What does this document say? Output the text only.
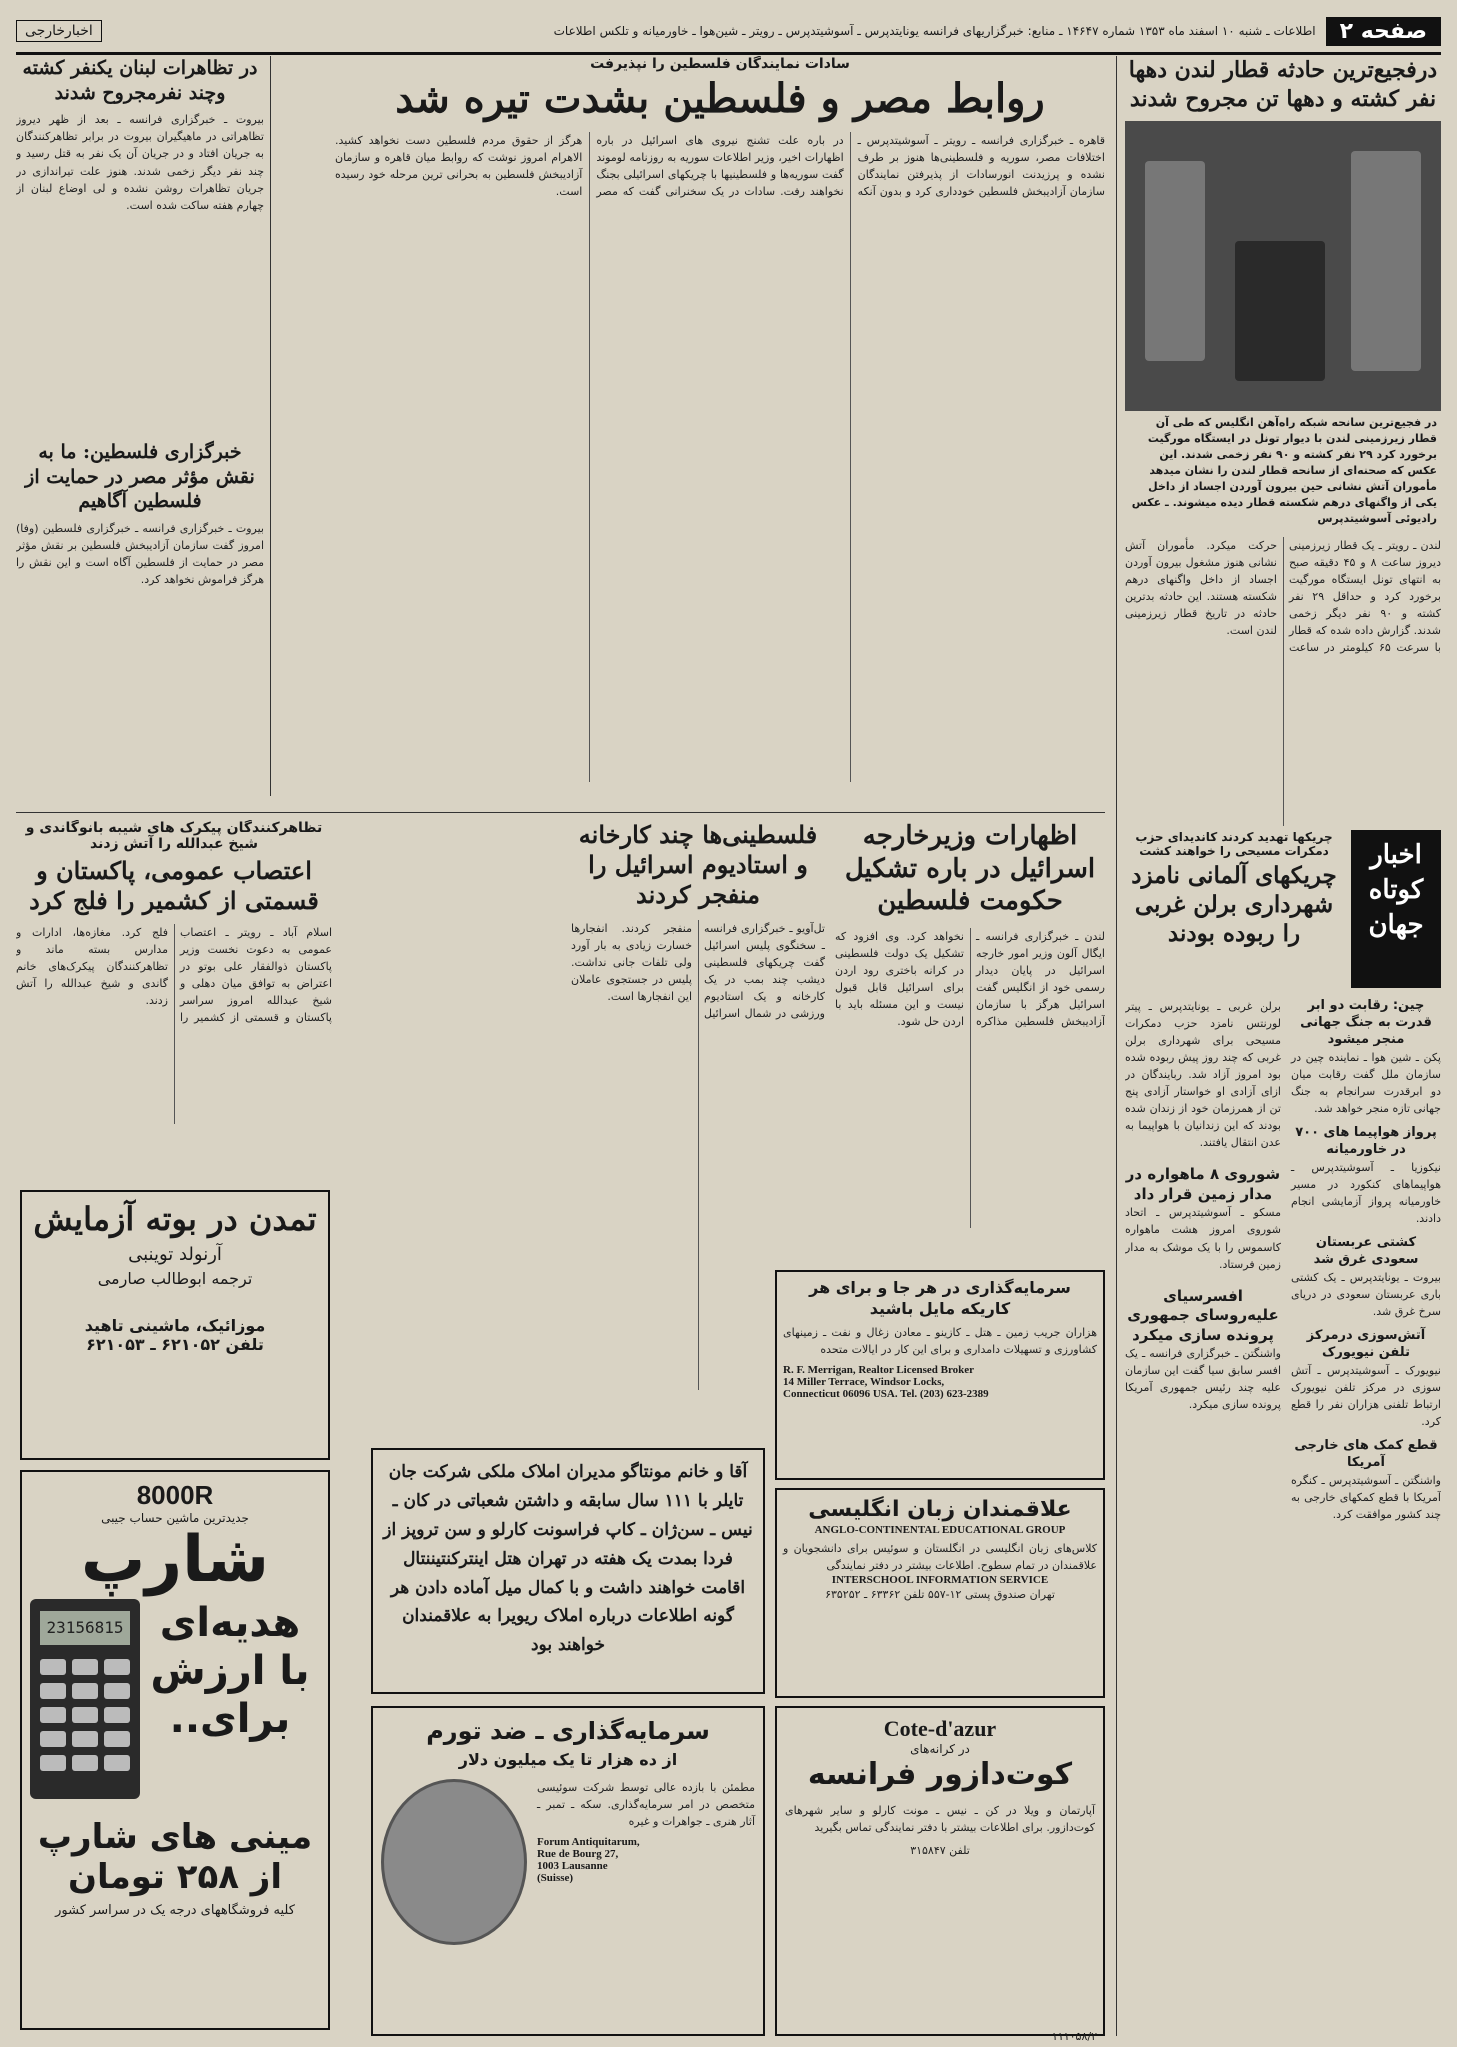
صفحه ۲
اطلاعات ـ شنبه ۱۰ اسفند ماه ۱۳۵۳ شماره ۱۴۶۴۷ ـ منابع: خبرگزاریهای فرانسه یونایتدپرس ـ آسوشیتدپرس ـ رویتر ـ شین‌هوا ـ خاورمیانه و تلکس اطلاعات
اخبارخارجی
درفجیع‌ترین حادثه قطار لندن دهها نفر کشته و دهها تن مجروح شدند
در فجیع‌ترین سانحه شبکه راه‌آهن انگلیس که طی آن قطار زیرزمینی لندن با دیوار تونل در ایستگاه مورگیت برخورد کرد ۲۹ نفر کشته و ۹۰ نفر زخمی شدند. این عکس که صحنه‌ای از سانحه قطار لندن را نشان میدهد مأموران آتش نشانی حین بیرون آوردن اجساد از داخل یکی از واگنهای درهم شکسته قطار دیده میشوند. ـ عکس رادیوئی آسوشیتدپرس
لندن ـ رویتر ـ یک قطار زیرزمینی دیروز ساعت ۸ و ۴۵ دقیقه صبح به انتهای تونل ایستگاه مورگیت برخورد کرد و حداقل ۲۹ نفر کشته و ۹۰ نفر دیگر زخمی شدند. گزارش داده شده که قطار با سرعت ۶۵ کیلومتر در ساعت حرکت میکرد. مأموران آتش نشانی هنوز مشغول بیرون آوردن اجساد از داخل واگنهای درهم شکسته هستند. این حادثه بدترین حادثه در تاریخ قطار زیرزمینی لندن است.
سادات نمایندگان فلسطین را نپذیرفت
روابط مصر و فلسطین بشدت تیره شد
قاهره ـ خبرگزاری فرانسه ـ رویتر ـ آسوشیتدپرس ـ اختلافات مصر، سوریه و فلسطینی‌ها هنوز بر طرف نشده و پرزیدنت انورسادات از پذیرفتن نمایندگان سازمان آزادیبخش فلسطین خودداری کرد و بدون آنکه در باره علت تشنج نیروی های اسرائیل در باره اظهارات اخیر، وزیر اطلاعات سوریه به روزنامه لوموند گفت سوریه‌ها و فلسطینیها با چریکهای اسرائیلی بجنگ نخواهند رفت. سادات در یک سخنرانی گفت که مصر هرگز از حقوق مردم فلسطین دست نخواهد کشید. الاهرام امروز نوشت که روابط میان قاهره و سازمان آزادیبخش فلسطین به بحرانی ترین مرحله خود رسیده است.
در تظاهرات لبنان یکنفر کشته وچند نفرمجروح شدند
بیروت ـ خبرگزاری فرانسه ـ بعد از ظهر دیروز تظاهراتی در ماهیگیران بیروت در برابر تظاهرکنندگان به جریان افتاد و در جریان آن یک نفر به قتل رسید و چند نفر دیگر زخمی شدند. هنوز علت تیراندازی در جریان تظاهرات روشن نشده و لی اوضاع لبنان از چهارم هفته ساکت شده است.
خبرگزاری فلسطین: ما به نقش مؤثر مصر در حمایت از فلسطین آگاهیم
بیروت ـ خبرگزاری فرانسه ـ خبرگزاری فلسطین (وفا) امروز گفت سازمان آزادیبخش فلسطین بر نقش مؤثر مصر در حمایت از فلسطین آگاه است و این نقش را هرگز فراموش نخواهد کرد.
اظهارات وزیرخارجه اسرائیل در باره تشکیل حکومت فلسطین
لندن ـ خبرگزاری فرانسه ـ ایگال آلون وزیر امور خارجه اسرائیل در پایان دیدار رسمی خود از انگلیس گفت اسرائیل هرگز با سازمان آزادیبخش فلسطین مذاکره نخواهد کرد. وی افزود که تشکیل یک دولت فلسطینی در کرانه باختری رود اردن برای اسرائیل قابل قبول نیست و این مسئله باید با اردن حل شود.
فلسطینی‌ها چند کارخانه و استادیوم اسرائیل را منفجر کردند
تل‌آویو ـ خبرگزاری فرانسه ـ سخنگوی پلیس اسرائیل گفت چریکهای فلسطینی دیشب چند بمب در یک کارخانه و یک استادیوم ورزشی در شمال اسرائیل منفجر کردند. انفجارها خسارت زیادی به بار آورد ولی تلفات جانی نداشت. پلیس در جستجوی عاملان این انفجارها است.
تظاهرکنندگان پیکرک های شیبه بانوگاندی و شیخ عبدالله را آتش زدند
اعتصاب عمومی، پاکستان و قسمتی از کشمیر را فلج کرد
اسلام آباد ـ رویتر ـ اعتصاب عمومی به دعوت نخست وزیر پاکستان ذوالفقار علی بوتو در اعتراض به توافق میان دهلی و شیخ عبدالله امروز سراسر پاکستان و قسمتی از کشمیر را فلج کرد. مغازه‌ها، ادارات و مدارس بسته ماند و تظاهرکنندگان پیکرک‌های خانم گاندی و شیخ عبدالله را آتش زدند.
اخبار کوتاه جهان
چریکها تهدید کردند کاندیدای حزب دمکرات مسیحی را خواهند کشت
چریکهای آلمانی نامزد شهرداری برلن غربی را ربوده بودند
چین: رقابت دو ابر قدرت به جنگ جهانی منجر میشود
پکن ـ شین هوا ـ نماینده چین در سازمان ملل گفت رقابت میان دو ابرقدرت سرانجام به جنگ جهانی تازه منجر خواهد شد.
پرواز هواپیما های ۷۰۰ در خاورمیانه
نیکوزیا ـ آسوشیتدپرس ـ هواپیماهای کنکورد در مسیر خاورمیانه پرواز آزمایشی انجام دادند.
کشتی عربستان سعودی غرق شد
بیروت ـ یونایتدپرس ـ یک کشتی باری عربستان سعودی در دریای سرخ غرق شد.
آتش‌سوزی درمرکز تلفن نیویورک
نیویورک ـ آسوشیتدپرس ـ آتش سوزی در مرکز تلفن نیویورک ارتباط تلفنی هزاران نفر را قطع کرد.
قطع کمک های خارجی آمریکا
واشنگتن ـ آسوشیتدپرس ـ کنگره آمریکا با قطع کمکهای خارجی به چند کشور موافقت کرد.
برلن غربی ـ یونایتدپرس ـ پیتر لورنتس نامزد حزب دمکرات مسیحی برای شهرداری برلن غربی که چند روز پیش ربوده شده بود امروز آزاد شد. ربایندگان در ازای آزادی او خواستار آزادی پنج تن از همرزمان خود از زندان شده بودند که این زندانیان با هواپیما به عدن انتقال یافتند.
شوروی ۸ ماهواره در مدار زمین قرار داد
مسکو ـ آسوشیتدپرس ـ اتحاد شوروی امروز هشت ماهواره کاسموس را با یک موشک به مدار زمین فرستاد.
افسرسیای علیه‌روسای جمهوری پرونده سازی میکرد
واشنگتن ـ خبرگزاری فرانسه ـ یک افسر سابق سیا گفت این سازمان علیه چند رئیس جمهوری آمریکا پرونده سازی میکرد.
تمدن در بوته آزمایش
آرنولد توینبی
ترجمه ابوطالب صارمی
موزائیک، ماشینی تاهید
تلفن ۶۲۱۰۵۲ ـ ۶۲۱۰۵۳
8000R
جدیدترین ماشین حساب جیبی
شارپ
هدیه‌ای با ارزش برای..
23156815
مینی های شارپ از ۲۵۸ تومان
کلیه فروشگاههای درجه یک در سراسر کشور
سرمایه‌گذاری در هر جا و برای هر کاریکه مایل باشید
هزاران جریب زمین ـ هتل ـ کازینو ـ معادن زغال و نفت ـ زمینهای کشاورزی و تسهیلات دامداری و برای این کار در ایالات متحده
R. F. Merrigan, Realtor Licensed Broker
14 Miller Terrace, Windsor Locks,
Connecticut 06096 USA. Tel. (203) 623-2389
علاقمندان زبان انگلیسی
ANGLO-CONTINENTAL EDUCATIONAL GROUP
کلاس‌های زبان انگلیسی در انگلستان و سوئیس برای دانشجویان و علاقمندان در تمام سطوح. اطلاعات بیشتر در دفتر نمایندگی
INTERSCHOOL INFORMATION SERVICE
تهران صندوق پستی ۱۲-۵۵۷ تلفن ۶۳۳۶۲ ـ ۶۳۵۲۵۲
آقا و خانم مونتاگو مدیران املاک ملکی شرکت جان تایلر با ۱۱۱ سال سابقه و داشتن شعباتی در کان ـ نیس ـ سن‌ژان ـ کاپ فراسونت کارلو و سن تروپز از فردا بمدت یک هفته در تهران هتل اینترکنتیننتال اقامت خواهند داشت و با کمال میل آماده دادن هر گونه اطلاعات درباره املاک ریویرا به علاقمندان خواهند بود
Cote-d'azur
در کرانه‌های
کوت‌دازور فرانسه
آپارتمان و ویلا در کن ـ نیس ـ مونت کارلو و سایر شهرهای کوت‌دازور. برای اطلاعات بیشتر با دفتر نمایندگی تماس بگیرید
تلفن ۳۱۵۸۴۷
سرمایه‌گذاری ـ ضد تورم
از ده هزار تا یک میلیون دلار
مطمئن با بازده عالی توسط شرکت سوئیسی متخصص در امر سرمایه‌گذاری. سکه ـ تمبر ـ آثار هنری ـ جواهرات و غیره
Forum Antiquitarum,
Rue de Bourg 27,
1003 Lausanne
(Suisse)
۱۱۱۰۵۸/۲
